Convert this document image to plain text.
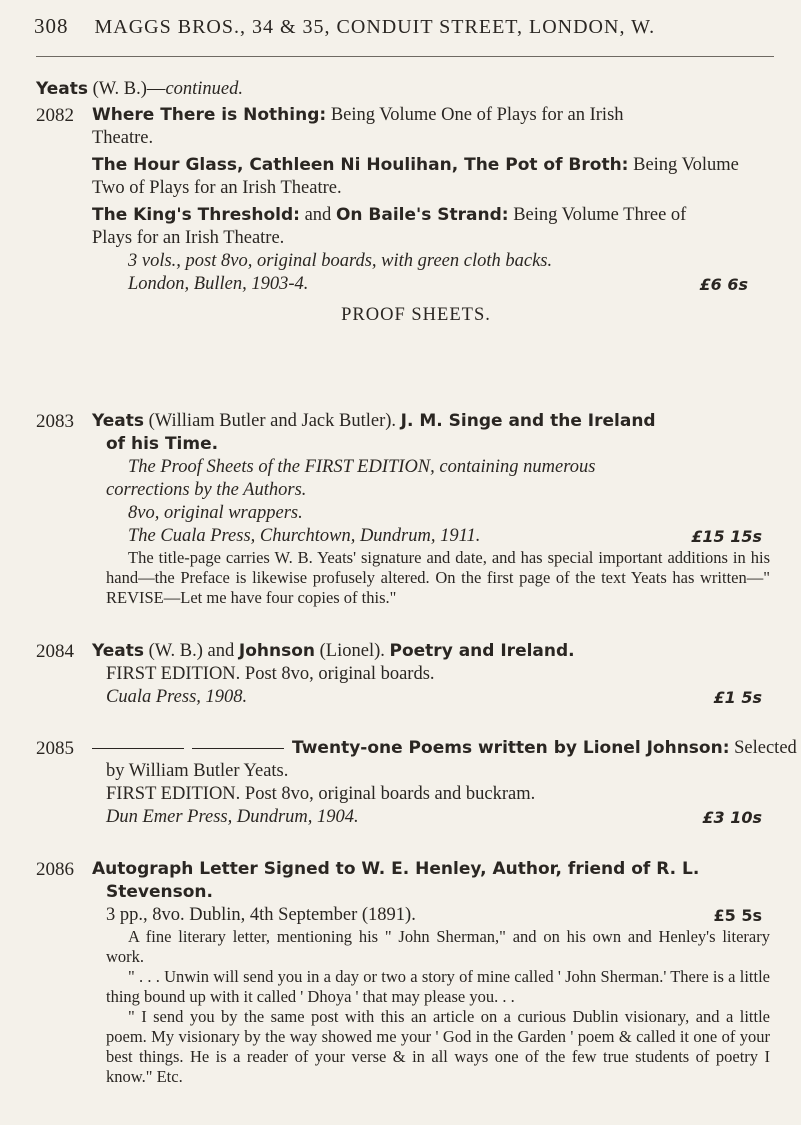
308 MAGGS BROS., 34 & 35, CONDUIT STREET, LONDON, W.
Yeats (W. B.)—continued.
2082	Where There is Nothing: Being Volume One of Plays for an Irish
Theatre.
The Hour Glass, Cathleen Ni Houlihan, The Pot of Broth: Being Volume
Two of Plays for an Irish Theatre.
The King's Threshold: and On Baile's Strand: Being Volume Three of
Plays for an Irish Theatre.
3 vols., post 8vo, original boards, with green cloth backs.
London, Bullen, 1903-4.	£6 6s
PROOF SHEETS.
2083	Yeats (William Butler and Jack Butler). J. M. Singe and the Ireland
of his Time.
The Proof Sheets of the FIRST EDITION, containing numerous
corrections by the Authors.
8vo, original wrappers.
The Cuala Press, Churchtown, Dundrum, 1911.	£15 15s
The title-page carries W. B. Yeats' signature and date, and has special important additions in his hand—the Preface is likewise profusely altered. On the first page of the text Yeats has written—" REVISE—Let me have four copies of this."
2084	Yeats (W. B.) and Johnson (Lionel). Poetry and Ireland.
FIRST EDITION. Post 8vo, original boards.
Cuala Press, 1908.	£1 5s
2085	Twenty-one Poems written by Lionel Johnson: Selected
by William Butler Yeats.
FIRST EDITION. Post 8vo, original boards and buckram.
Dun Emer Press, Dundrum, 1904.	£3 10s
2086	Autograph Letter Signed to W. E. Henley, Author, friend of R. L.
Stevenson.
3 pp., 8vo. Dublin, 4th September (1891).	£5 5s
A fine literary letter, mentioning his " John Sherman," and on his own and Henley's literary work.
" . . . Unwin will send you in a day or two a story of mine called ' John Sherman.' There is a little thing bound up with it called ' Dhoya ' that may please you. . .
" I send you by the same post with this an article on a curious Dublin visionary, and a little poem. My visionary by the way showed me your ' God in the Garden ' poem & called it one of your best things. He is a reader of your verse & in all ways one of the few true students of poetry I know." Etc.
